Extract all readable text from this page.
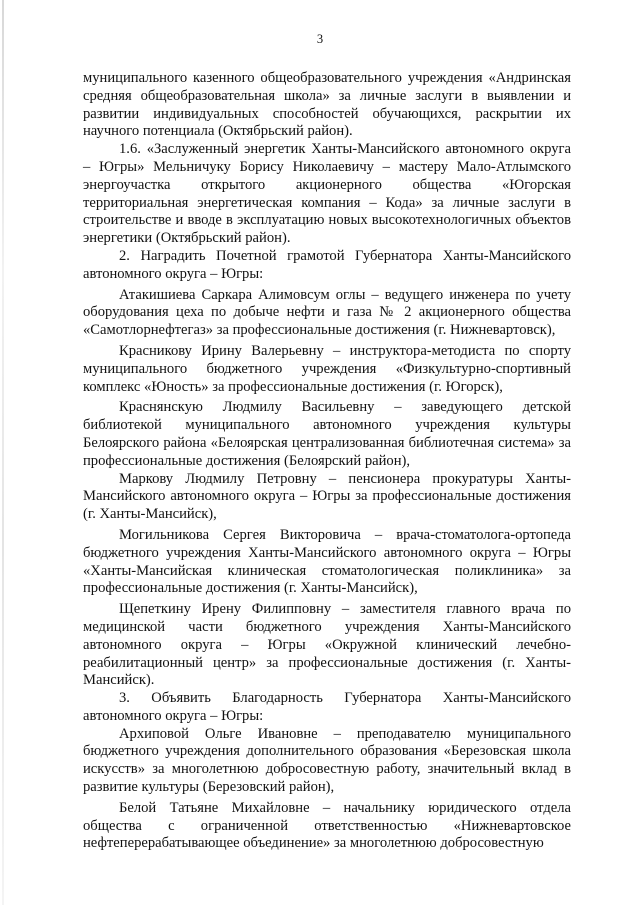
3

муниципального казенного общеобразовательного учреждения «Андринская средняя общеобразовательная школа» за личные заслуги в выявлении и развитии индивидуальных способностей обучающихся, раскрытии их научного потенциала (Октябрьский район).

1.6. «Заслуженный энергетик Ханты-Мансийского автономного округа – Югры» Мельничуку Борису Николаевичу – мастеру Мало-Атлымского энергоучастка открытого акционерного общества «Югорская территориальная энергетическая компания – Кода» за личные заслуги в строительстве и вводе в эксплуатацию новых высокотехнологичных объектов энергетики (Октябрьский район).

2. Наградить Почетной грамотой Губернатора Ханты-Мансийского автономного округа – Югры:

Атакишиева Саркара Алимовсум оглы – ведущего инженера по учету оборудования цеха по добыче нефти и газа № 2 акционерного общества «Самотлорнефтегаз» за профессиональные достижения (г. Нижневартовск),

Красникову Ирину Валерьевну – инструктора-методиста по спорту муниципального бюджетного учреждения «Физкультурно-спортивный комплекс «Юность» за профессиональные достижения (г. Югорск),

Краснянскую Людмилу Васильевну – заведующего детской библиотекой муниципального автономного учреждения культуры Белоярского района «Белоярская централизованная библиотечная система» за профессиональные достижения (Белоярский район),

Маркову Людмилу Петровну – пенсионера прокуратуры Ханты-Мансийского автономного округа – Югры за профессиональные достижения (г. Ханты-Мансийск),

Могильникова Сергея Викторовича – врача-стоматолога-ортопеда бюджетного учреждения Ханты-Мансийского автономного округа – Югры «Ханты-Мансийская клиническая стоматологическая поликлиника» за профессиональные достижения (г. Ханты-Мансийск),

Щепеткину Ирену Филипповну – заместителя главного врача по медицинской части бюджетного учреждения Ханты-Мансийского автономного округа – Югры «Окружной клинический лечебно-реабилитационный центр» за профессиональные достижения (г. Ханты-Мансийск).

3. Объявить Благодарность Губернатора Ханты-Мансийского автономного округа – Югры:

Архиповой Ольге Ивановне – преподавателю муниципального бюджетного учреждения дополнительного образования «Березовская школа искусств» за многолетнюю добросовестную работу, значительный вклад в развитие культуры (Березовский район),

Белой Татьяне Михайловне – начальнику юридического отдела общества с ограниченной ответственностью «Нижневартовское нефтеперерабатывающее объединение» за многолетнюю добросовестную
